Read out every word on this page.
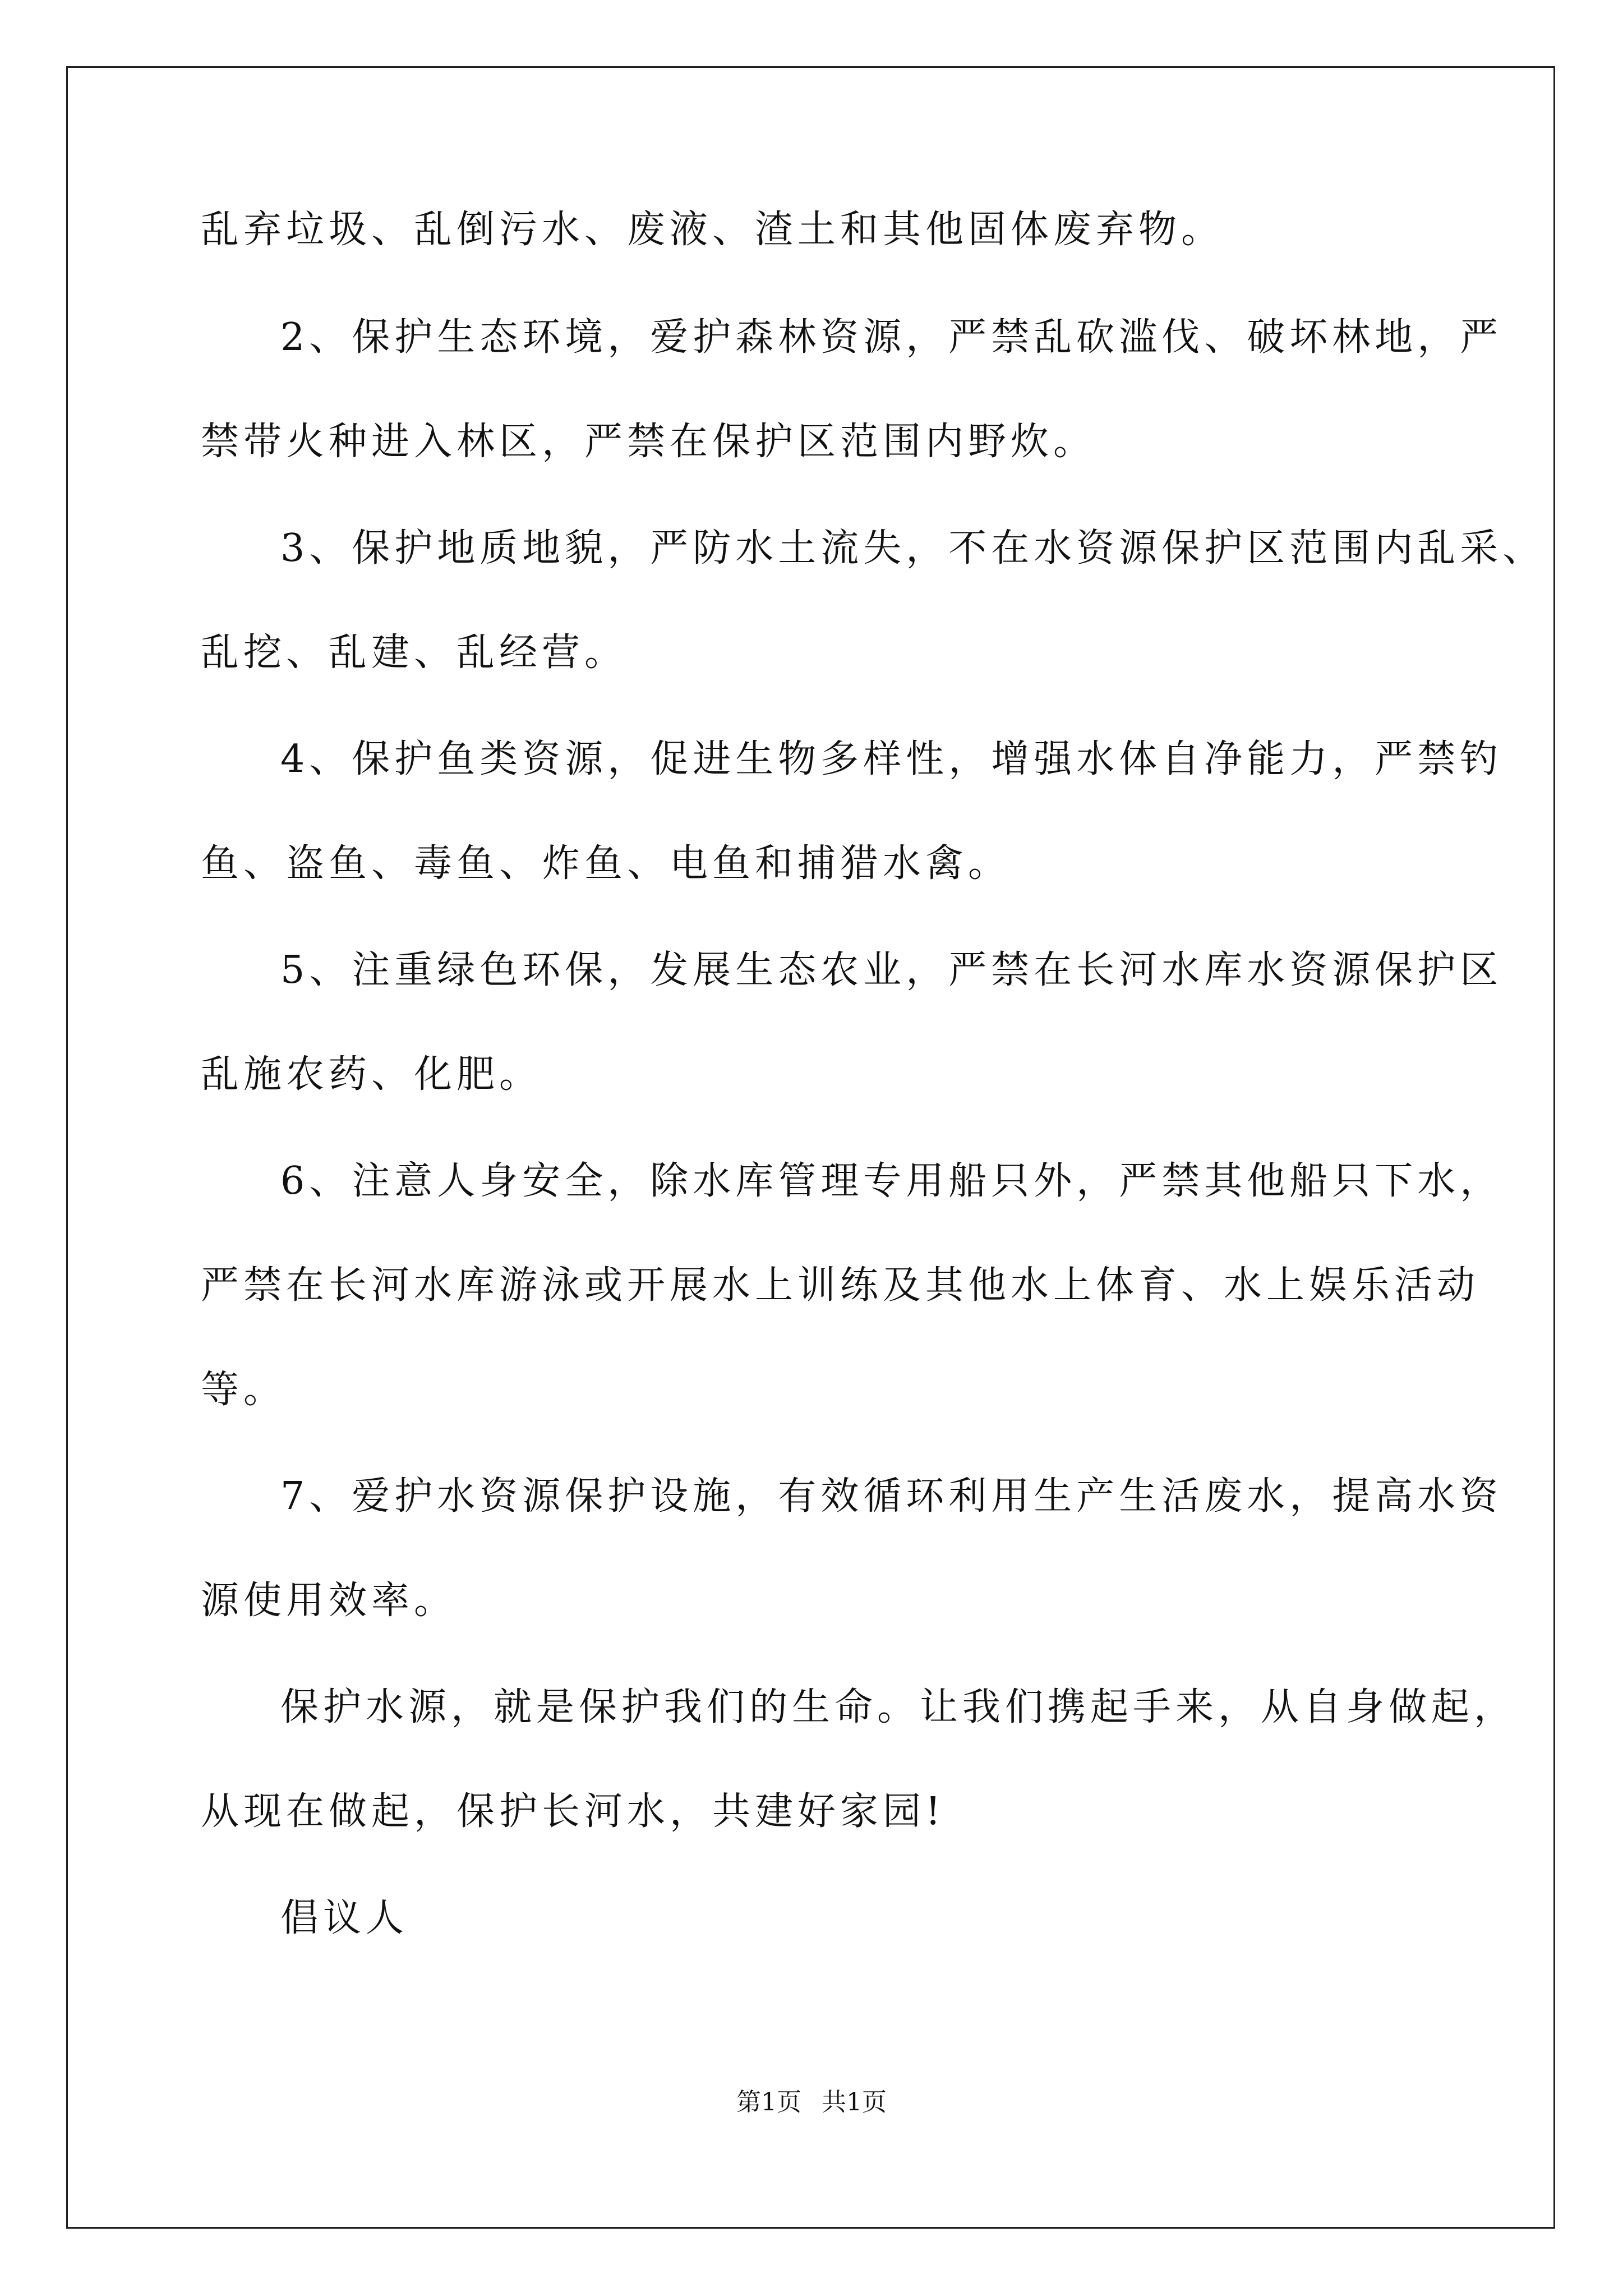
乱弃垃圾、乱倒污水、废液、渣土和其他固体废弃物。
2、保护生态环境，爱护森林资源，严禁乱砍滥伐、破坏林地，严
禁带火种进入林区，严禁在保护区范围内野炊。
3、保护地质地貌，严防水土流失，不在水资源保护区范围内乱采、
乱挖、乱建、乱经营。
4、保护鱼类资源，促进生物多样性，增强水体自净能力，严禁钓
鱼、盗鱼、毒鱼、炸鱼、电鱼和捕猎水禽。
5、注重绿色环保，发展生态农业，严禁在长河水库水资源保护区
乱施农药、化肥。
6、注意人身安全，除水库管理专用船只外，严禁其他船只下水，
严禁在长河水库游泳或开展水上训练及其他水上体育、水上娱乐活动
等。
7、爱护水资源保护设施，有效循环利用生产生活废水，提高水资
源使用效率。
保护水源，就是保护我们的生命。让我们携起手来，从自身做起，
从现在做起，保护长河水，共建好家园!
倡议人
第1页 共1页
